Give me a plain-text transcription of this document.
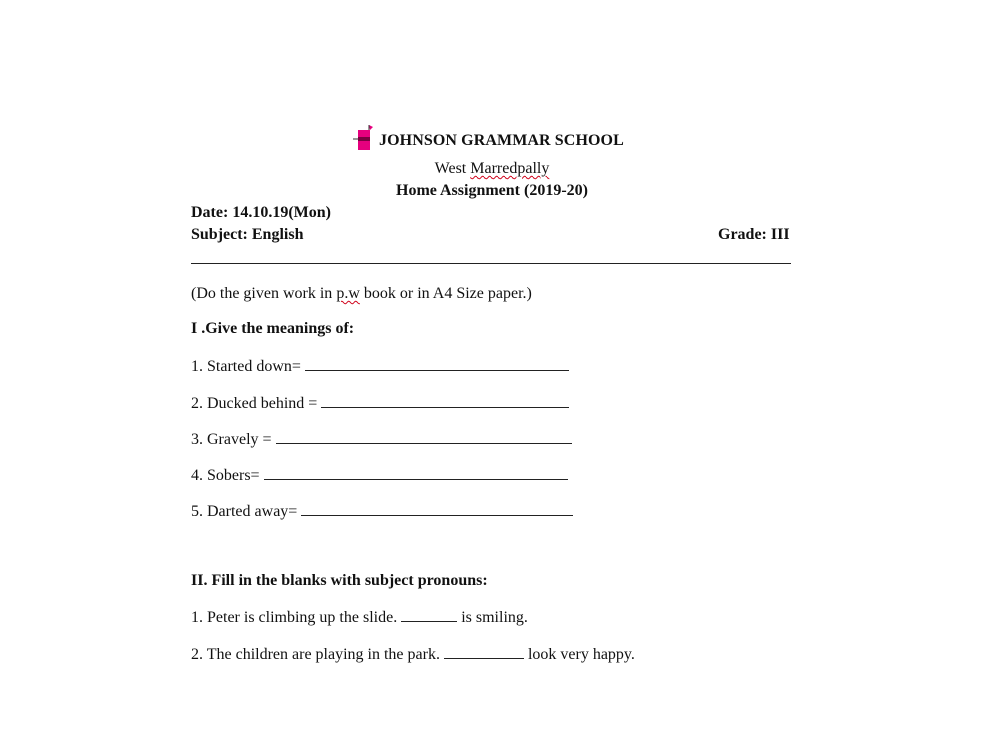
JOHNSON GRAMMAR SCHOOL
West Marredpally
Home Assignment (2019-20)
Date: 14.10.19(Mon)
Subject: English	Grade: III
(Do the given work in p.w book or in A4 Size paper.)
I .Give the meanings of:
1. Started down=
2. Ducked behind =
3. Gravely =
4. Sobers=
5. Darted away=
II. Fill in the blanks with subject pronouns:
1. Peter is climbing up the slide.	is smiling.
2. The children are playing in the park.	look very happy.
